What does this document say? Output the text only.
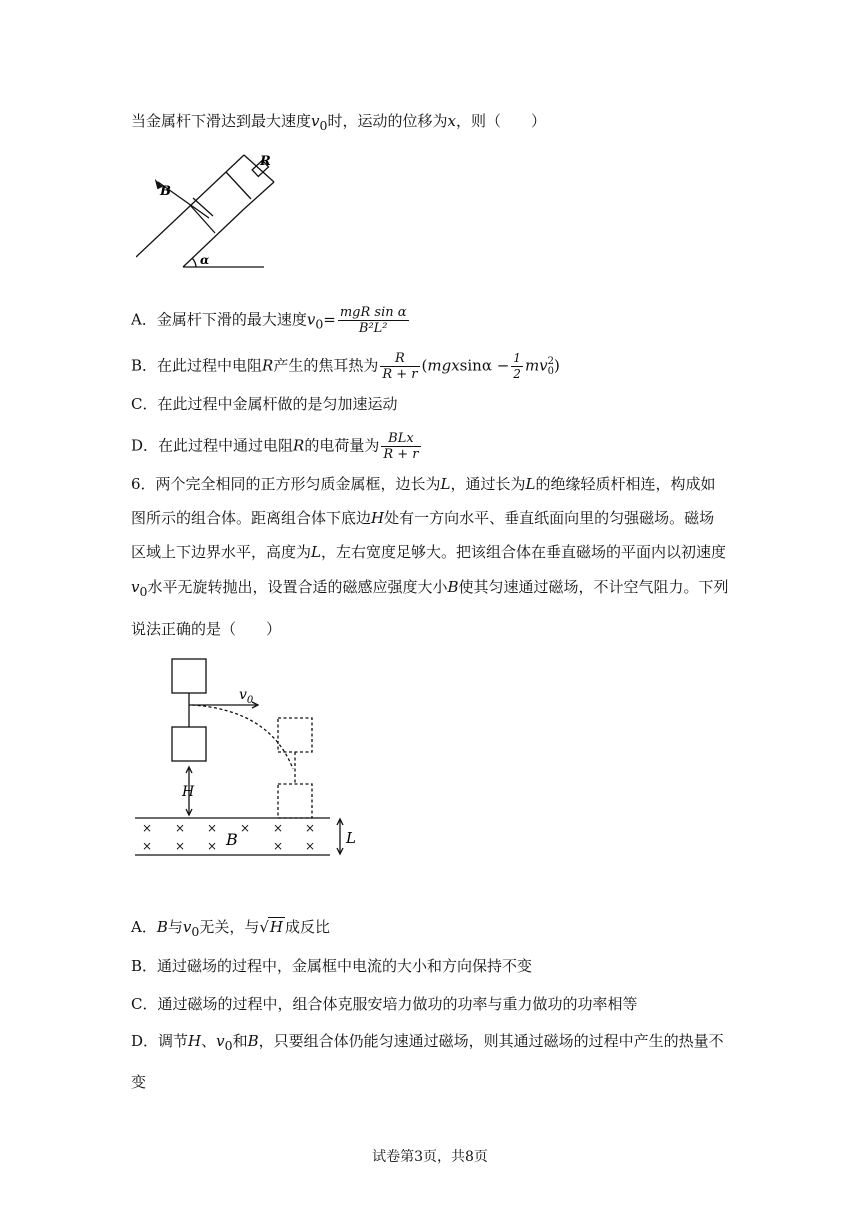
当金属杆下滑达到最大速度$v_0$时，运动的位移为x，则（　　）
B
R
α
A．金属杆下滑的最大速度$v_0= \frac{\text{mgR sin α}}{\text{B²L²}}$
B．在此过程中电阻R产生的焦耳热为 $\frac{R}{R + r} (mgxsin\alpha - \frac{1}{2}$ mv 2
0 )
C．在此过程中金属杆做的是匀加速运动
D．在此过程中通过电阻R的电荷量为 $\frac{\text{BLx}}{R + r}$
6．两个完全相同的正方形匀质金属框，边长为L，通过长为L的绝缘轻质杆相连，构成如
图所示的组合体。距离组合体下底边H处有一方向水平、垂直纸面向里的匀强磁场。磁场
区域上下边界水平，高度为L，左右宽度足够大。把该组合体在垂直磁场的平面内以初速度
$v_0$水平无旋转抛出，设置合适的磁感应强度大小B使其匀速通过磁场，不计空气阻力。下列
说法正确的是（　　）
$v_0$
H
B	L
× × × × × ×
× × ×	× ×
A．B与$v_0$无关，与√H 成反比
B．通过磁场的过程中，金属框中电流的大小和方向保持不变
C．通过磁场的过程中，组合体克服安培力做功的功率与重力做功的功率相等
D．调节H、$v_0$和B，只要组合体仍能匀速通过磁场，则其通过磁场的过程中产生的热量不
变
试卷第3页，共8页
